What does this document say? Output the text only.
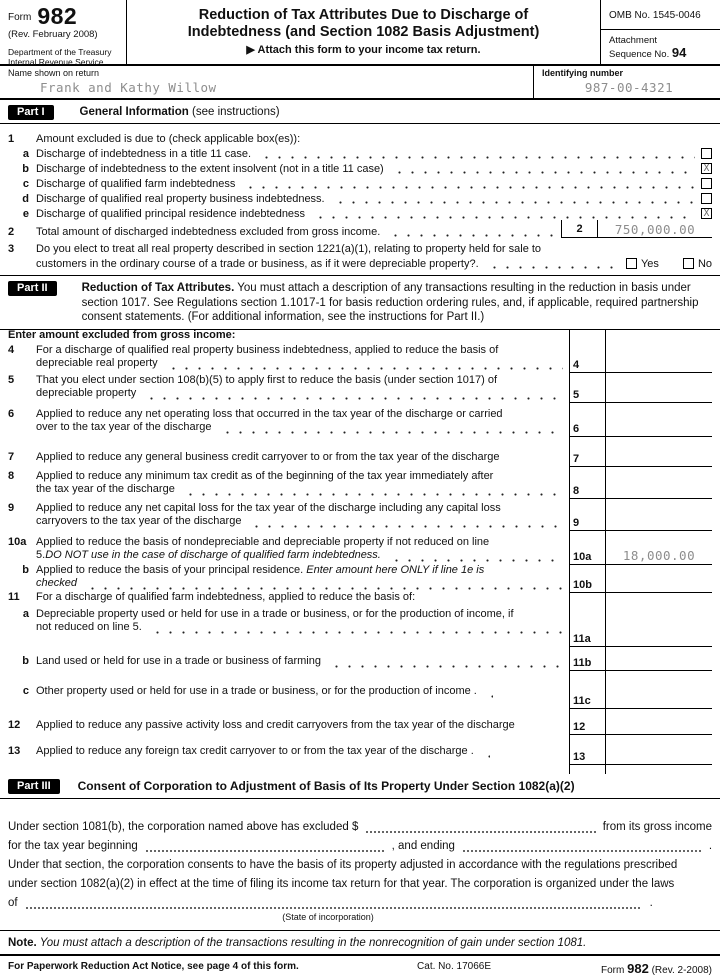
Form 982
(Rev. February 2008)
Department of the Treasury
Internal Revenue Service
Reduction of Tax Attributes Due to Discharge of
Indebtedness (and Section 1082 Basis Adjustment)
▶ Attach this form to your income tax return.
OMB No. 1545-0046
Attachment
Sequence No. 94
Name shown on return
Frank and Kathy Willow
Identifying number
987-00-4321
Part I	General Information (see instructions)
1	Amount excluded is due to (check applicable box(es)):
a Discharge of indebtedness in a title 11 case.
b Discharge of indebtedness to the extent insolvent (not in a title 11 case)	X
c Discharge of qualified farm indebtedness
d Discharge of qualified real property business indebtedness.
e Discharge of qualified principal residence indebtedness	X
2	Total amount of discharged indebtedness excluded from gross income.	2	750,000.00
3	Do you elect to treat all real property described in section 1221(a)(1), relating to property held for sale to
customers in the ordinary course of a trade or business, as if it were depreciable property?.	Yes	No
Part II	Reduction of Tax Attributes. You must attach a description of any transactions resulting in the reduction in basis under section 1017. See Regulations section 1.1017-1 for basis reduction ordering rules, and, if applicable, required partnership consent statements. (For additional information, see the instructions for Part II.)
Enter amount excluded from gross income:
4	For a discharge of qualified real property business indebtedness, applied to reduce the basis of
depreciable real property	4
5	That you elect under section 108(b)(5) to apply first to reduce the basis (under section 1017) of
depreciable property	5
6	Applied to reduce any net operating loss that occurred in the tax year of the discharge or carried
over to the tax year of the discharge	6
7	Applied to reduce any general business credit carryover to or from the tax year of the discharge	7
8	Applied to reduce any minimum tax credit as of the beginning of the tax year immediately after
the tax year of the discharge	8
9	Applied to reduce any net capital loss for the tax year of the discharge including any capital loss
carryovers to the tax year of the discharge	9
10a Applied to reduce the basis of nondepreciable and depreciable property if not reduced on line
5. DO NOT use in the case of discharge of qualified farm indebtedness.	10a	18,000.00
b Applied to reduce the basis of your principal residence. Enter amount here ONLY if line 1e is
checked	10b
11	For a discharge of qualified farm indebtedness, applied to reduce the basis of:
a Depreciable property used or held for use in a trade or business, or for the production of income, if
not reduced on line 5.
11a
b Land used or held for use in a trade or business of farming	11b
c Other property used or held for use in a trade or business, or for the production of income .
11c
12	Applied to reduce any passive activity loss and credit carryovers from the tax year of the discharge	12
13	Applied to reduce any foreign tax credit carryover to or from the tax year of the discharge .	13
Part III	Consent of Corporation to Adjustment of Basis of Its Property Under Section 1082(a)(2)
Under section 1081(b), the corporation named above has excluded $	from its gross income
for the tax year beginning	, and ending	.
Under that section, the corporation consents to have the basis of its property adjusted in accordance with the regulations prescribed
under section 1082(a)(2) in effect at the time of filing its income tax return for that year. The corporation is organized under the laws
of	.
(State of incorporation)
Note. You must attach a description of the transactions resulting in the nonrecognition of gain under section 1081.
For Paperwork Reduction Act Notice, see page 4 of this form.	Cat. No. 17066E	Form 982 (Rev. 2-2008)
